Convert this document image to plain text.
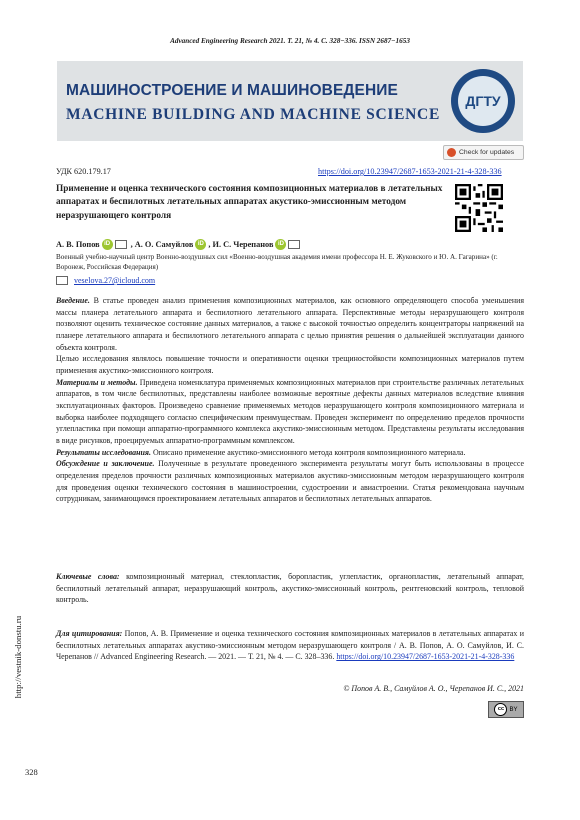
Advanced Engineering Research 2021. Т. 21, № 4. С. 328−336. ISSN 2687−1653
МАШИНОСТРОЕНИЕ И МАШИНОВЕДЕНИЕ
MACHINE BUILDING AND MACHINE SCIENCE
ДГТУ
Check for updates
УДК 620.179.17	https://doi.org/10.23947/2687-1653-2021-21-4-328-336
Применение и оценка технического состояния композиционных материалов в летательных аппаратах и беспилотных летательных аппаратах акустико-эмиссионным методом неразрушающего контроля
А. В. Попов iD	, А. О. Самуйлов iD , И. С. Черепанов iD
Военный учебно-научный центр Военно-воздушных сил «Военно-воздушная академия имени профессора Н. Е. Жуковского и Ю. А. Гагарина» (г. Воронеж, Российская Федерация)
veselova.27@icloud.com

Введение. В статье проведен анализ применения композиционных материалов, как основного определяющего способа уменьшения массы планера летательного аппарата и беспилотного летательного аппарата. Перспективные методы неразрушающего контроля позволяют оценить техническое состояние данных материалов, а также с высокой точностью определить концентраторы напряжений на планере летательного аппарата и беспилотного летательного аппарата с целью принятия решения о дальнейшей эксплуатации данного объекта контроля.

Целью исследования являлось повышение точности и оперативности оценки трещиностойкости композиционных материалов путем применения акустико-эмиссионного контроля.

Материалы и методы. Приведена номенклатура применяемых композиционных материалов при строительстве различных летательных аппаратов, в том числе беспилотных, представлены наиболее возможные вероятные дефекты данных материалов вследствие влияния эксплуатационных факторов. Произведено сравнение применяемых методов неразрушающего контроля композиционного материала и выборка наиболее подходящего согласно специфическим преимуществам. Проведен эксперимент по определению пределов прочности углепластика при помощи аппаратно-программного комплекса акустико-эмиссионным методом. Представлены результаты исследования в виде рисунков, проецируемых аппаратно-программным комплексом.

Результаты исследования. Описано применение акустико-эмиссионного метода контроля композиционного материала.

Обсуждение и заключение. Полученные в результате проведенного эксперимента результаты могут быть использованы в процессе определения пределов прочности различных композиционных материалов акустико-эмиссионным методом неразрушающего контроля для проведения оценки технического состояния в машиностроении, судостроении и авиастроении. Статья рекомендована научным сотрудникам, занимающимся проектированием летательных аппаратов и беспилотных летательных аппаратов.

Ключевые слова: композиционный материал, стеклопластик, боропластик, углепластик, органопластик, летательный аппарат, беспилотный летательный аппарат, неразрушающий контроль, акустико-эмиссионный контроль, рентгеновский контроль, тепловой контроль.
Для цитирования: Попов, А. В. Применение и оценка технического состояния композиционных материалов в летательных аппаратах и беспилотных летательных аппаратах акустико-эмиссионным методом неразрушающего контроля / А. В. Попов, А. О. Самуйлов, И. С. Черепанов // Advanced Engineering Research. — 2021. — Т. 21, № 4. — С. 328–336. https://doi.org/10.23947/2687-1653-2021-21-4-328-336
© Попов А. В., Самуйлов А. О., Черепанов И. С., 2021
cc BY
http://vestnik-donstu.ru
328
